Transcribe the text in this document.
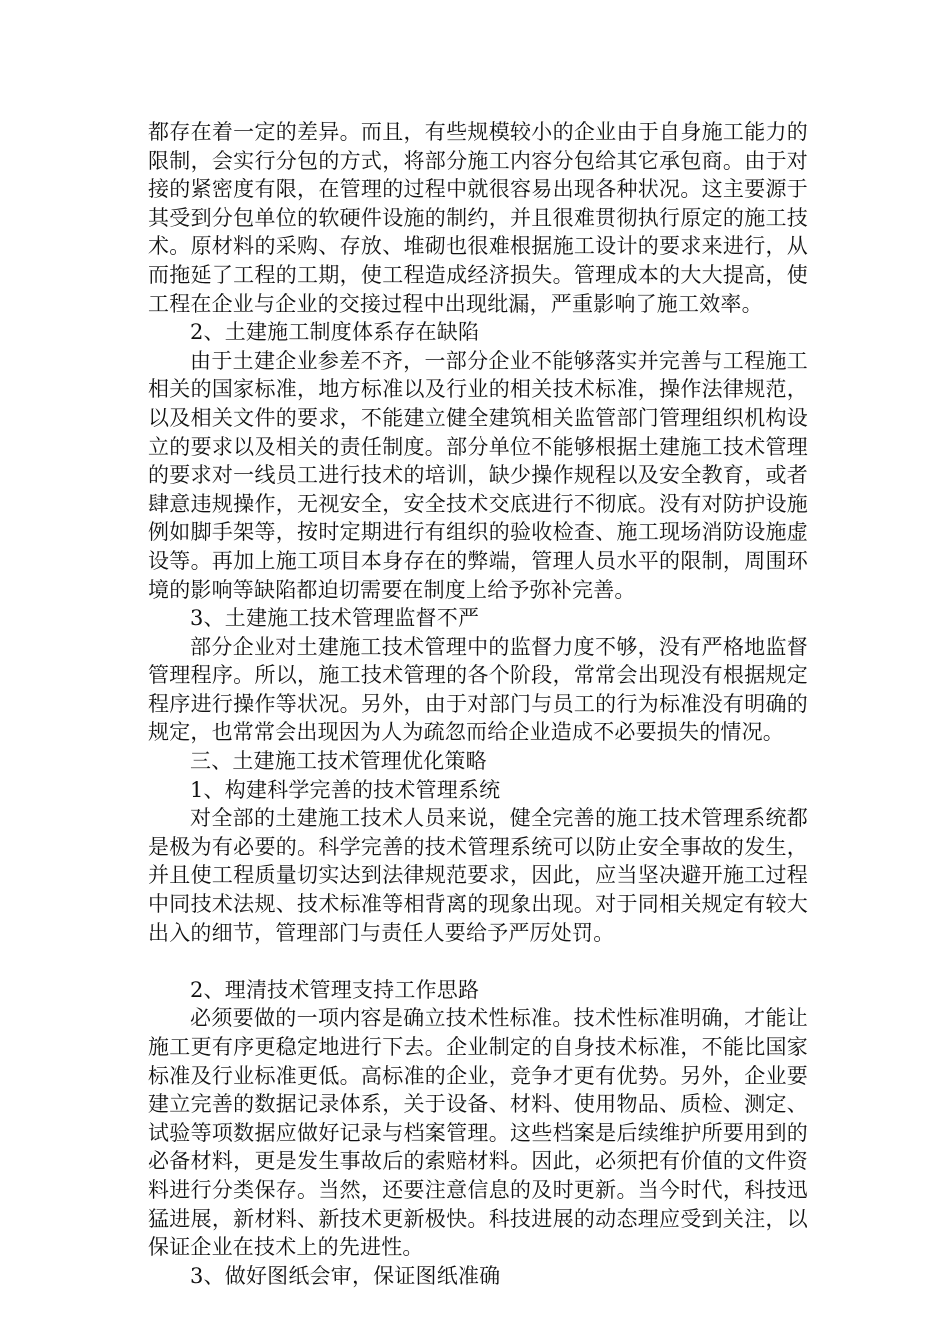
都存在着一定的差异。而且，有些规模较小的企业由于自身施工能力的限制，会实行分包的方式，将部分施工内容分包给其它承包商。由于对接的紧密度有限，在管理的过程中就很容易出现各种状况。这主要源于其受到分包单位的软硬件设施的制约，并且很难贯彻执行原定的施工技术。原材料的采购、存放、堆砌也很难根据施工设计的要求来进行，从而拖延了工程的工期，使工程造成经济损失。管理成本的大大提高，使工程在企业与企业的交接过程中出现纰漏，严重影响了施工效率。

2、土建施工制度体系存在缺陷

由于土建企业参差不齐，一部分企业不能够落实并完善与工程施工相关的国家标准，地方标准以及行业的相关技术标准，操作法律规范，以及相关文件的要求，不能建立健全建筑相关监管部门管理组织机构设立的要求以及相关的责任制度。部分单位不能够根据土建施工技术管理的要求对一线员工进行技术的培训，缺少操作规程以及安全教育，或者肆意违规操作，无视安全，安全技术交底进行不彻底。没有对防护设施例如脚手架等，按时定期进行有组织的验收检查、施工现场消防设施虚设等。再加上施工项目本身存在的弊端，管理人员水平的限制，周围环境的影响等缺陷都迫切需要在制度上给予弥补完善。

3、土建施工技术管理监督不严

部分企业对土建施工技术管理中的监督力度不够，没有严格地监督管理程序。所以，施工技术管理的各个阶段，常常会出现没有根据规定程序进行操作等状况。另外，由于对部门与员工的行为标准没有明确的规定，也常常会出现因为人为疏忽而给企业造成不必要损失的情况。

三、土建施工技术管理优化策略

1、构建科学完善的技术管理系统

对全部的土建施工技术人员来说，健全完善的施工技术管理系统都是极为有必要的。科学完善的技术管理系统可以防止安全事故的发生，并且使工程质量切实达到法律规范要求，因此，应当坚决避开施工过程中同技术法规、技术标准等相背离的现象出现。对于同相关规定有较大出入的细节，管理部门与责任人要给予严厉处罚。

2、理清技术管理支持工作思路

必须要做的一项内容是确立技术性标准。技术性标准明确，才能让施工更有序更稳定地进行下去。企业制定的自身技术标准，不能比国家标准及行业标准更低。高标准的企业，竞争才更有优势。另外，企业要建立完善的数据记录体系，关于设备、材料、使用物品、质检、测定、试验等项数据应做好记录与档案管理。这些档案是后续维护所要用到的必备材料，更是发生事故后的索赔材料。因此，必须把有价值的文件资料进行分类保存。当然，还要注意信息的及时更新。当今时代，科技迅猛进展，新材料、新技术更新极快。科技进展的动态理应受到关注，以保证企业在技术上的先进性。

3、做好图纸会审，保证图纸准确
